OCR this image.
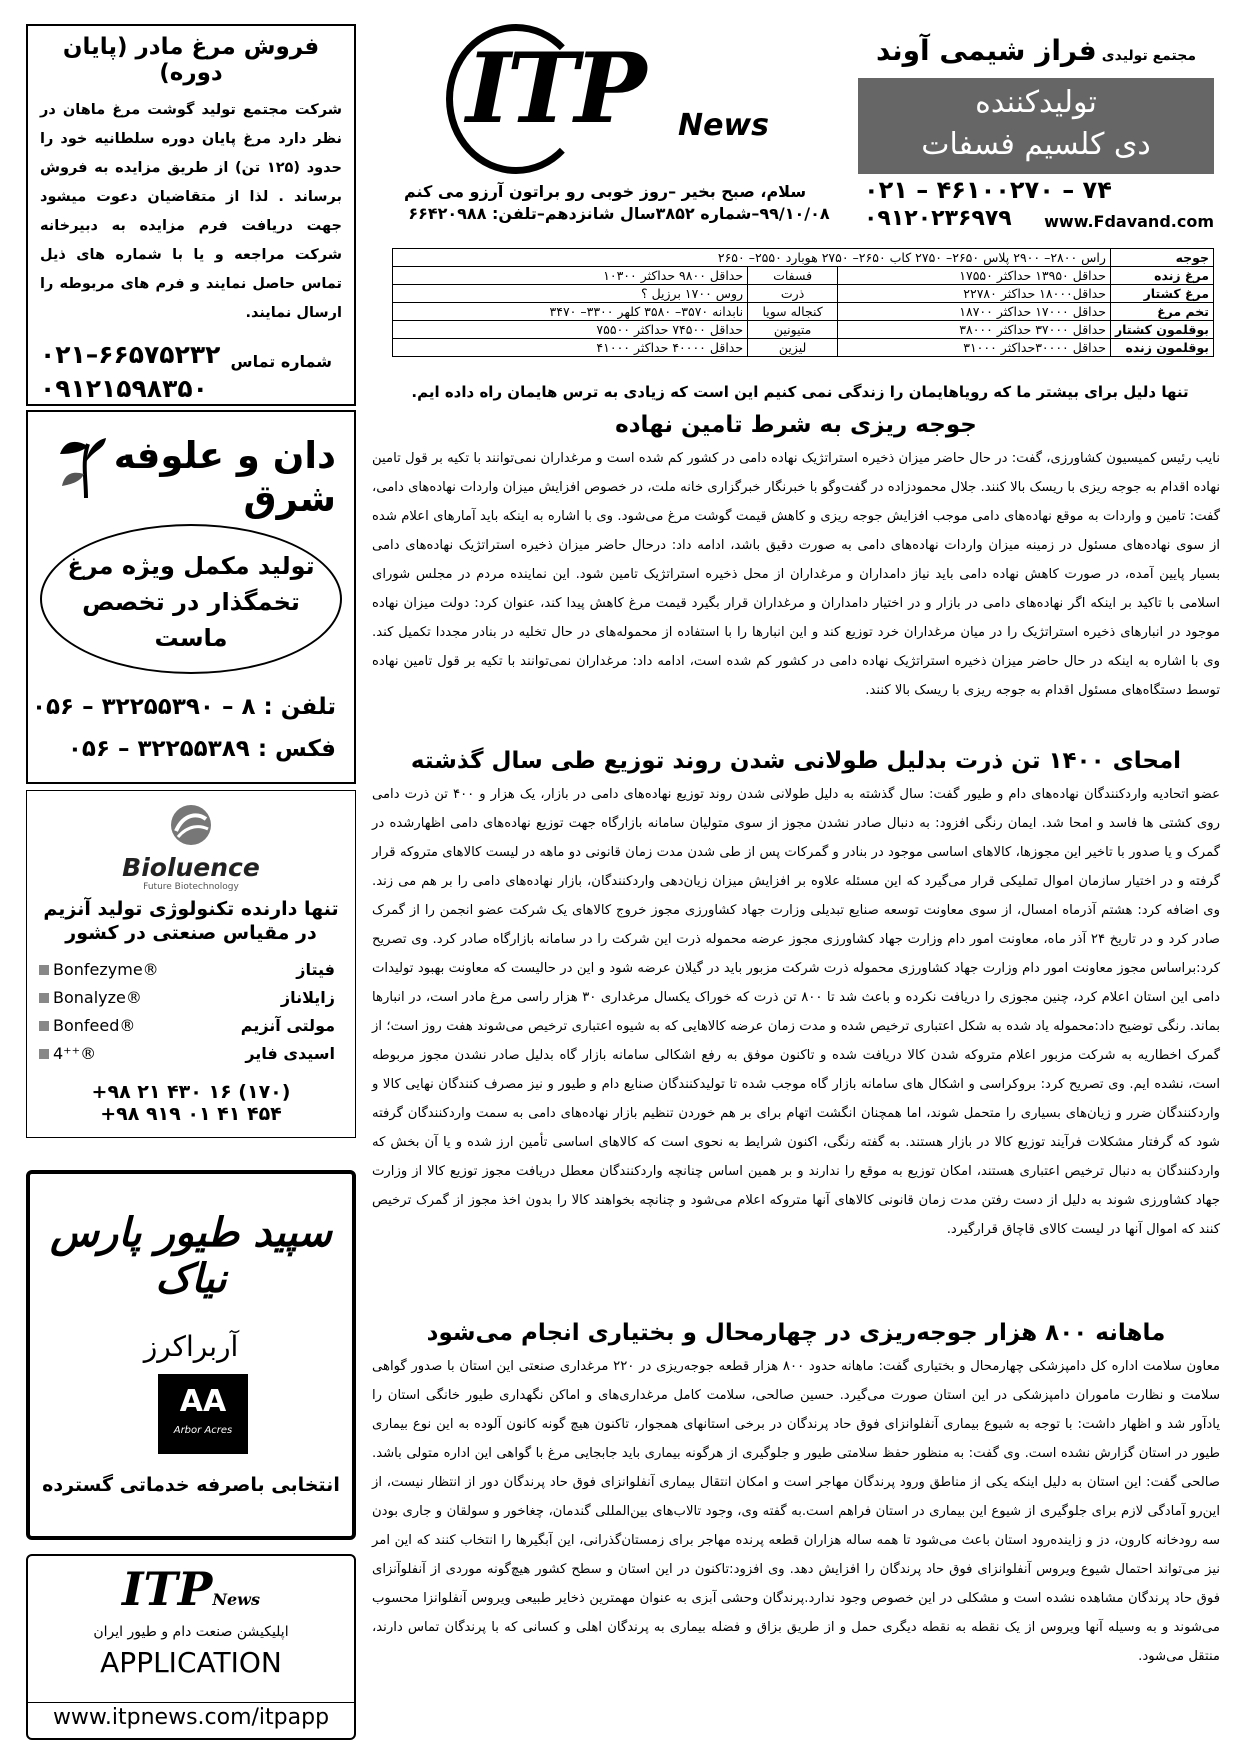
ITP News
سلام، صبح بخیر –روز خوبی رو براتون آرزو می کنم
۹۹/۱۰/۰۸–شماره ۳۸۵۲سال شانزدهم–تلفن: ۶۶۴۲۰۹۸۸
مجتمع تولیدی فراز شیمی آوند
تولیدکننده
دی کلسیم فسفات
۰۲۱ – ۴۶۱۰۰۲۷۰ – ۷۴
۰۹۱۲۰۲۳۶۹۷۹ www.Fdavand.com
جوجه	راس ۲۸۰۰– ۲۹۰۰ پلاس ۲۶۵۰– ۲۷۵۰ کاب ۲۶۵۰– ۲۷۵۰ هوبارد ۲۵۵۰– ۲۶۵۰		
مرغ زنده	حداقل ۱۳۹۵۰ حداکثر ۱۷۵۵۰	فسفات	حداقل ۹۸۰۰ حداکثر ۱۰۳۰۰
مرغ کشتار	حداقل۱۸۰۰۰ حداکثر ۲۲۷۸۰	ذرت	روس ۱۷۰۰ برزیل ؟
تخم مرغ	حداقل ۱۷۰۰۰ حداکثر ۱۸۷۰۰	کنجاله سویا	نابدانه ۳۵۷۰– ۳۵۸۰ کلهر ۳۳۰۰– ۳۴۷۰
بوقلمون کشتار	حداقل ۳۷۰۰۰ حداکثر ۳۸۰۰۰	متیونین	حداقل ۷۴۵۰۰ حداکثر ۷۵۵۰۰
بوقلمون زنده	حداقل ۳۰۰۰۰حداکثر ۳۱۰۰۰	لیزین	حداقل ۴۰۰۰۰ حداکثر ۴۱۰۰۰
تنها دلیل برای بیشتر ما که رویاهایمان را زندگی نمی کنیم این است که زیادی به ترس هایمان راه داده ایم.
جوجه ریزی به شرط تامین نهاده

نایب رئیس کمیسیون کشاورزی، گفت: در حال حاضر میزان ذخیره استراتژیک نهاده دامی در کشور کم شده است و مرغداران نمی‌توانند با تکیه بر قول تامین نهاده اقدام به جوجه ریزی با ریسک بالا کنند. جلال محمودزاده در گفت‌وگو با خبرنگار خبرگزاری خانه ملت، در خصوص افزایش میزان واردات نهاده‌های دامی، گفت: تامین و واردات به موقع نهاده‌های دامی موجب افزایش جوجه ریزی و کاهش قیمت گوشت مرغ می‌شود. وی با اشاره به اینکه باید آمارهای اعلام شده از سوی نهاده‌های مسئول در زمینه میزان واردات نهاده‌های دامی به صورت دقیق باشد، ادامه داد: درحال حاضر میزان ذخیره استراتژیک نهاده‌های دامی بسیار پایین آمده، در صورت کاهش نهاده دامی باید نیاز دامداران و مرغداران از محل ذخیره استراتژیک تامین شود. این نماینده مردم در مجلس شورای اسلامی با تاکید بر اینکه اگر نهاده‌های دامی در بازار و در اختیار دامداران و مرغداران قرار بگیرد قیمت مرغ کاهش پیدا کند، عنوان کرد: دولت میزان نهاده موجود در انبارهای ذخیره استراتژیک را در میان مرغداران خرد توزیع کند و این انبارها را با استفاده از محموله‌های در حال تخلیه در بنادر مجددا تکمیل کند. وی با اشاره به اینکه در حال حاضر میزان ذخیره استراتژیک نهاده دامی در کشور کم شده است، ادامه داد: مرغداران نمی‌توانند با تکیه بر قول تامین نهاده توسط دستگاه‌های مسئول اقدام به جوجه ریزی با ریسک بالا کنند.

امحای ۱۴۰۰ تن ذرت بدلیل طولانی شدن روند توزیع طی سال گذشته

عضو اتحادیه واردکنندگان نهاده‌های دام و طیور گفت: سال گذشته به دلیل طولانی شدن روند توزیع نهاده‌های دامی در بازار، یک هزار و ۴۰۰ تن ذرت دامی روی کشتی ها فاسد و امحا شد. ایمان رنگی افزود: به دنبال صادر نشدن مجوز از سوی متولیان سامانه بازارگاه جهت توزیع نهاده‌های دامی اظهارشده در گمرک و یا صدور با تاخیر این مجوزها، کالاهای اساسی موجود در بنادر و گمرکات پس از طی شدن مدت زمان قانونی دو ماهه در لیست کالاهای متروکه قرار گرفته و در اختیار سازمان اموال تملیکی قرار می‌گیرد که این مسئله علاوه بر افزایش میزان زیان‌دهی واردکنندگان، بازار نهاده‌های دامی را بر هم می زند. وی اضافه کرد: هشتم آذرماه امسال، از سوی معاونت توسعه صنایع تبدیلی وزارت جهاد کشاورزی مجوز خروج کالاهای یک شرکت عضو انجمن را از گمرک صادر کرد و در تاریخ ۲۴ آذر ماه، معاونت امور دام وزارت جهاد کشاورزی مجوز عرضه محموله ذرت این شرکت را در سامانه بازارگاه صادر کرد. وی تصریح کرد:براساس مجوز معاونت امور دام وزارت جهاد کشاورزی محموله ذرت شرکت مزبور باید در گیلان عرضه شود و این در حالیست که معاونت بهبود تولیدات دامی این استان اعلام کرد، چنین مجوزی را دریافت نکرده و باعث شد تا ۸۰۰ تن ذرت که خوراک یکسال مرغداری ۳۰ هزار راسی مرغ مادر است، در انبارها بماند. رنگی توضیح داد:محموله یاد شده به شکل اعتباری ترخیص شده و مدت زمان عرضه کالاهایی که به شیوه اعتباری ترخیص می‌شوند هفت روز است؛ از گمرک اخطاریه به شرکت مزبور اعلام متروکه شدن کالا دریافت شده و تاکنون موفق به رفع اشکالی سامانه بازار گاه بدلیل صادر نشدن مجوز مربوطه است، نشده ایم. وی تصریح کرد: بروکراسی و اشکال های سامانه بازار گاه موجب شده تا تولیدکنندگان صنایع دام و طیور و نیز مصرف کنندگان نهایی کالا و واردکنندگان ضرر و زیان‌های بسیاری را متحمل شوند، اما همچنان انگشت اتهام برای بر هم خوردن تنظیم بازار نهاده‌های دامی به سمت واردکنندگان گرفته شود که گرفتار مشکلات فرآیند توزیع کالا در بازار هستند. به گفته رنگی، اکنون شرایط به نحوی است که کالاهای اساسی تأمین ارز شده و یا آن بخش که واردکنندگان به دنبال ترخیص اعتباری هستند، امکان توزیع به موقع را ندارند و بر همین اساس چنانچه واردکنندگان معطل دریافت مجوز توزیع کالا از وزارت جهاد کشاورزی شوند به دلیل از دست رفتن مدت زمان قانونی کالاهای آنها متروکه اعلام می‌شود و چنانچه بخواهند کالا را بدون اخذ مجوز از گمرک ترخیص کنند که اموال آنها در لیست کالای قاچاق قرارگیرد.

ماهانه ۸۰۰ هزار جوجه‌ریزی در چهارمحال و بختیاری انجام می‌شود

معاون سلامت اداره کل دامپزشکی چهارمحال و بختیاری گفت: ماهانه حدود ۸۰۰ هزار قطعه جوجه‌ریزی در ۲۲۰ مرغداری صنعتی این استان با صدور گواهی سلامت و نظارت ماموران دامپزشکی در این استان صورت می‌گیرد. حسین صالحی، سلامت کامل مرغداری‌های و اماکن نگهداری طیور خانگی استان را یادآور شد و اظهار داشت: با توجه به شیوع بیماری آنفلوانزای فوق حاد پرندگان در برخی استانهای همجوار، تاکنون هیچ گونه کانون آلوده به این نوع بیماری طیور در استان گزارش نشده است. وی گفت: به منظور حفظ سلامتی طیور و جلوگیری از هرگونه بیماری باید جابجایی مرغ با گواهی این اداره متولی باشد. صالحی گفت: این استان به دلیل اینکه یکی از مناطق ورود پرندگان مهاجر است و امکان انتقال بیماری آنفلوانزای فوق حاد پرندگان دور از انتظار نیست، از این‌رو آمادگی لازم برای جلوگیری از شیوع این بیماری در استان فراهم است.به گفته وی، وجود تالاب‌های بین‌المللی گندمان، چغاخور و سولقان و جاری بودن سه رودخانه کارون، دز و زاینده‌رود استان باعث می‌شود تا همه ساله هزاران قطعه پرنده مهاجر برای زمستان‌گذرانی، این آبگیرها را انتخاب کنند که این امر نیز می‌تواند احتمال شیوع ویروس آنفلوانزای فوق حاد پرندگان را افزایش دهد. وی افزود:تاکنون در این استان و سطح کشور هیچ‌گونه موردی از آنفلوآنزای فوق حاد پرندگان مشاهده نشده است و مشکلی در این خصوص وجود ندارد.پرندگان وحشی آبزی به عنوان مهمترین ذخایر طبیعی ویروس آنفلوانزا محسوب می‌شوند و به وسیله آنها ویروس از یک نقطه به نقطه دیگری حمل و از طریق بزاق و فضله بیماری به پرندگان اهلی و کسانی که با پرندگان تماس دارند، منتقل می‌شود.

فروش مرغ مادر (پایان دوره)
شرکت مجتمع تولید گوشت مرغ ماهان در نظر دارد مرغ پایان دوره سلطانیه خود را حدود (۱۲۵ تن) از طریق مزایده به فروش برساند . لذا از متقاضیان دعوت میشود جهت دریافت فرم مزایده به دبیرخانه شرکت مراجعه و یا با شماره های ذیل تماس حاصل نمایند و فرم های مربوطه را ارسال نمایند.
۰۲۱–۶۶۵۷۵۲۳۲
۰۹۱۲۱۵۹۸۳۵۰
شماره تماس
دان و علوفه شرق
تولید مکمل ویژه مرغ
تخمگذار در تخصص
ماست
تلفن : ۸ – ۳۲۲۵۵۳۹۰ – ۰۵۶
فکس : ۳۲۲۵۵۳۸۹ – ۰۵۶
Bioluence
Future Biotechnology
تنها دارنده تکنولوژی تولید آنزیم
در مقیاس صنعتی در کشور
Bonfezyme®	فیتاز
Bonalyze®	زایلاناز
Bonfeed®	مولتی آنزیم
4⁺⁺®	اسیدی فایر
+۹۸ ۲۱ ۴۳۰ ۱۶ (۱۷۰)
+۹۸ ۹۱۹ ۰۱ ۴۱ ۴۵۴
سپید طیور پارس نیاک
آربراکرز
AA
Arbor Acres
انتخابی باصرفه خدماتی گسترده
ITPNews
اپلیکیشن صنعت دام و طیور ایران
APPLICATION
www.itpnews.com/itpapp
